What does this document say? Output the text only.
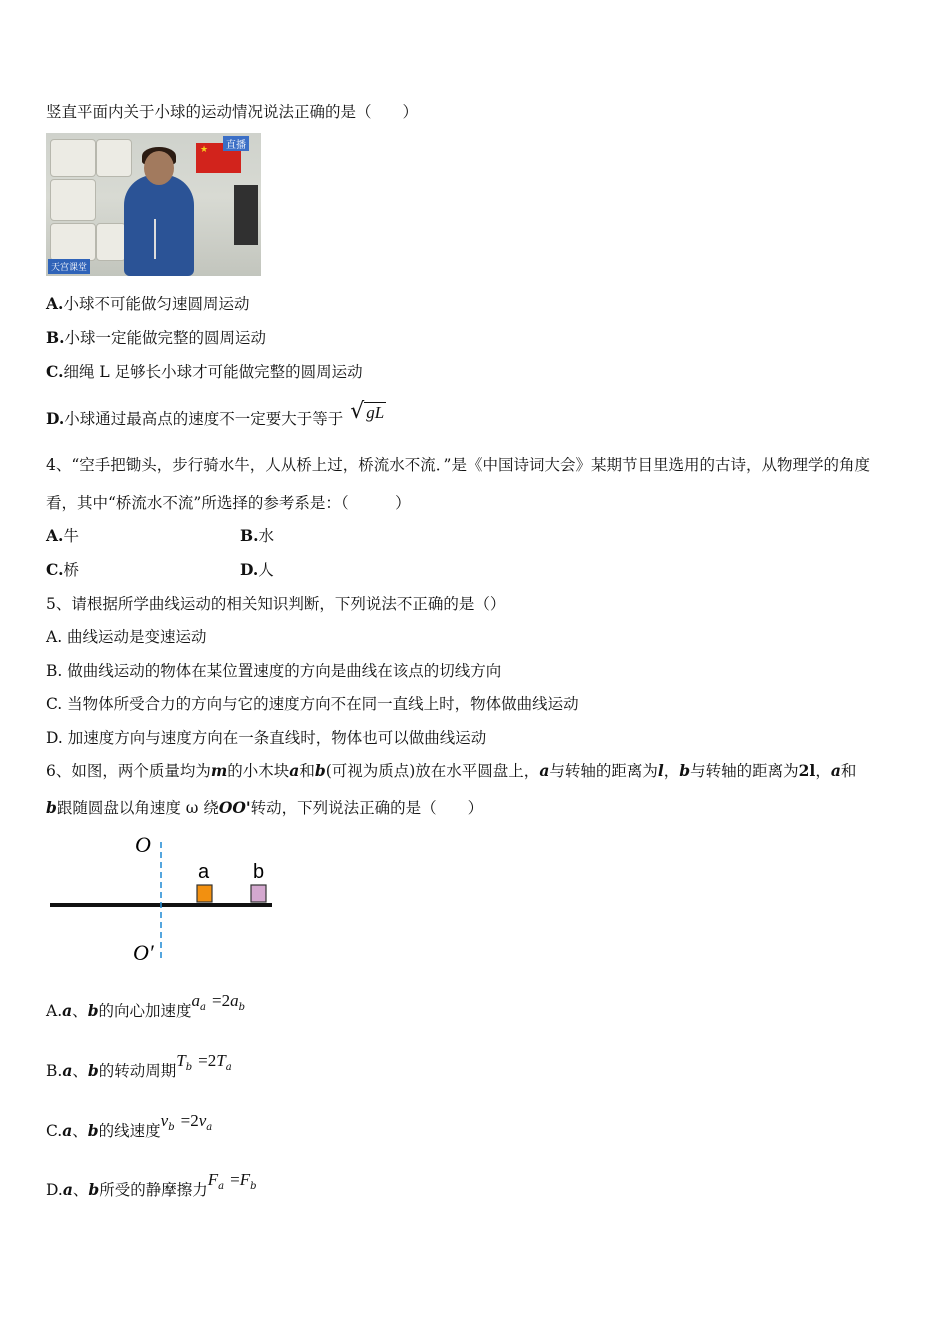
竖直平面内关于小球的运动情况说法正确的是（　　）
★	直播
天宫课堂
A.小球不可能做匀速圆周运动
B.小球一定能做完整的圆周运动
C.细绳 L 足够长小球才可能做完整的圆周运动
D.小球通过最高点的速度不一定要大于等于 √ gL
4、“空手把锄头，步行骑水牛，人从桥上过，桥流水不流．”是《中国诗词大会》某期节目里选用的古诗，从物理学的角度
看，其中“桥流水不流”所选择的参考系是：（　　　）
A.牛	B.水
C.桥	D.人
5、请根据所学曲线运动的相关知识判断，下列说法不正确的是（）
A. 曲线运动是变速运动
B. 做曲线运动的物体在某位置速度的方向是曲线在该点的切线方向
C. 当物体所受合力的方向与它的速度方向不在同一直线上时，物体做曲线运动
D. 加速度方向与速度方向在一条直线时，物体也可以做曲线运动
6、如图，两个质量均为m的小木块a和b(可视为质点)放在水平圆盘上，a与转轴的距离为l，b与转轴的距离为2l，a和
b跟随圆盘以角速度 ω 绕OO'转动，下列说法正确的是（　　）
O
O′
a b
A.a、b的向心加速度$a_a =2a_b$
B.a、b的转动周期$T_b =2T_a$
C.a、b的线速度$v_b =2v_a$
D.a、b所受的静摩擦力$F_a =F_b$
